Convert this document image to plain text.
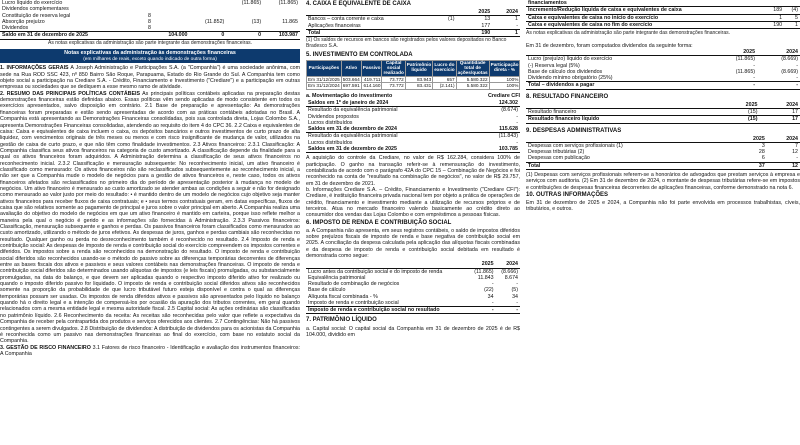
Lucro líquido do exercício				(11.865)	(11.865)
Dividendos complementares					
Constituição de reserva legal	8				
Absorção prejuízo	8		(11.852)	(13)	11.865
Dividendos	8				
Saldo em 31 de dezembro de 2025		104.000	0	0	103.987
As notas explicativas da administração são parte integrante das demonstrações financeiras.
Notas explicativas da administração às demonstrações financeiras
(em milhares de reais, exceto quando indicado de outra forma)
1. INFORMAÇÕES GERAIS A Joseph Administração e Participações S.A. (a "Companhia") é uma sociedade anônima, com sede na Rua ROD SSC 423, nº 850 Bairro São Roque, Parapuama, Estado do Rio Grande do Sul. A Companhia tem como objeto social a participação na Crediare S.A. - Crédito, Financiamento e Investimento ("Crediare") e a participação em outras empresas ou sociedades que se dediquem a esse mesmo ramo de atividade.
2. RESUMO DAS PRINCIPAIS POLÍTICAS CONTÁBEIS As principais políticas contábeis aplicadas na preparação destas demonstrações financeiras estão definidas abaixo. Essas políticas vêm sendo aplicadas de modo consistente em todos os exercícios apresentados, salvo disposição em contrário. 2.1 Base de preparação e apresentação: As demonstrações financeiras foram preparadas e estão sendo apresentadas de acordo com as práticas contábeis adotadas no Brasil. A Companhia está apresentando as Demonstrações Financeiras consolidadas, pois sua controlada direta, Lojas Colombo S.A., apresenta Demonstrações Financeiras consolidadas, atendendo ao requisito do item 4 do CPC 36. 2.2 Caixa e equivalentes de caixa: Caixa e equivalentes de caixa incluem o caixa, os depósitos bancários e outros investimentos de curto prazo de alta liquidez, com vencimentos originais de três meses ou menos e com risco insignificante de mudança de valor, utilizados na gestão de caixa de curto prazo, e que não têm como finalidade investimentos. 2.3 Ativos financeiros: 2.3.1 Classificação: A Companhia classifica seus ativos financeiros na categoria de custo amortizado. A classificação depende da finalidade para a qual os ativos financeiros foram adquiridos. A Administração determina a classificação de seus ativos financeiros no reconhecimento inicial. 2.3.2 Classificação e mensuração subsequente: No reconhecimento inicial, um ativo financeiro é classificado como mensurado: Os ativos financeiros não são reclassificados subsequentemente ao reconhecimento inicial, a não ser que a Companhia mude o modelo de negócios para a gestão de ativos financeiros e, neste caso, todos os ativos financeiros afetados são reclassificados no primeiro dia do período de apresentação posterior à mudança no modelo de negócios. Um ativo financeiro é mensurado ao custo amortizado se atender ambas as condições a seguir e não for designado como mensurado ao valor justo por meio do resultado: • é mantido dentro de um modelo de negócios cujo objetivo seja manter ativos financeiros para receber fluxos de caixa contratuais; e • seus termos contratuais geram, em datas específicas, fluxos de caixa que são relativos somente ao pagamento de principal e juros sobre o valor principal em aberto. A Companhia realiza uma avaliação do objetivo do modelo de negócios em que um ativo financeiro é mantido em carteira, porque isso reflete melhor a maneira pela qual o negócio é gerido e as informações são fornecidas à Administração. 2.3.3 Passivos financeiros: Classificação, mensuração subsequente e ganhos e perdas. Os passivos financeiros foram classificados como mensurados ao custo amortizado, utilizando o método de juros efetivos. As despesas de juros, ganhos e perdas cambiais são reconhecidas no resultado. Qualquer ganho ou perda no desreconhecimento também é reconhecido no resultado. 2.4 Imposto de renda e contribuição social: As despesas de imposto de renda e contribuição social do exercício compreendem os impostos correntes e diferidos. Os impostos sobre a renda são reconhecidos na demonstração do resultado. O imposto de renda e contribuição social diferidos são reconhecidos usando-se o método do passivo sobre as diferenças temporárias decorrentes de diferenças entre as bases fiscais dos ativos e passivos e seus valores contábeis nas demonstrações financeiras. O imposto de renda e contribuição social diferidos são determinados usando alíquotas de impostos (e leis fiscais) promulgadas, ou substancialmente promulgadas, na data do balanço, e que devem ser aplicadas quando o respectivo imposto diferido ativo for realizado ou quando o imposto diferido passivo for liquidado. O imposto de renda e contribuição social diferidos ativos são reconhecidos somente na proporção da probabilidade de que lucro tributável futuro esteja disponível e contra o qual as diferenças temporárias possam ser usadas. Os impostos de renda diferidos ativos e passivos são apresentados pelo líquido no balanço quando há o direito legal e a intenção de compensá-los por ocasião da apuração dos tributos correntes, em geral quando relacionados com a mesma entidade legal e mesma autoridade fiscal. 2.5 Capital social: As ações ordinárias são classificadas no patrimônio líquido. 2.6 Reconhecimento da receita: As receitas são reconhecidas pelo valor que reflete a expectativa da Companhia de receber pela contrapartida dos produtos e serviços oferecidos aos clientes. 2.7 Contingências: Não há passivos contingentes a serem divulgados. 2.8 Distribuição de dividendos: A distribuição de dividendos para os acionistas da Companhia é reconhecida como um passivo nas demonstrações financeiras ao final do exercício, com base no estatuto social da Companhia.
3. GESTÃO DE RISCO FINANCEIRO 3.1 Fatores de risco financeiro - Identificação e avaliação dos instrumentos financeiros: A Companhia
4. CAIXA E EQUIVALENTE DE CAIXA
		2025	2024
Bancos – conta corrente e caixa	(1)	13	1
Aplicações financeiras		177	-
Total		190	1
(1) Os saldos de recursos em bancos são registrados pelos valores depositados no Banco Bradesco S.A.
5. INVESTIMENTO EM CONTROLADA
Participações	Ativo	Passivo	Capital social realizado	Patrimônio líquido	Lucro do exercício	Quantidade total de ações/quotas	Participação direta - %		
Em 31/12/2025	503.664	419.711	73.772	83.943	657	5.580.322	100%		
Em 31/12/2024	697.591	614.160	73.772	83.431	(2.141)	5.580.322	100%		
a. Movimentação do investimento	Crediare CFI
Saldos em 1º de janeiro de 2024	124.302
Resultado da equivalência patrimonial	(8.674)
Dividendos propostos	-
Lucros distribuídos	-
Saldos em 31 de dezembro de 2024	115.628
Resultado da equivalência patrimonial	(11.843)
Lucros distribuídos	-
Saldos em 31 de dezembro de 2025	103.785
A aquisição do controle da Crediare, no valor de R$ 162.284, considera 100% de participação. O ganho na transação referir-se à remensuração do investimento, contabilizada de acordo com o parágrafo 42A do CPC 15 – Combinação de Negócios e foi reconhecido na conta de "resultado na combinação de negócios", no valor de R$ 29.757, em 31 de dezembro de 2021.
b. Informações Crediare S.A. – Crédito, Financiamento e Investimento ("Crediare CFI"): Crediare, é instituição financeira privada nacional tem por objeto a prática de operações de crédito, financiamento e investimento mediante a utilização de recursos próprios e de terceiros. Atua no mercado financeiro valendo basicamente ao crédito direto ao consumidor dos vendas das Lojas Colombo e com empréstimos a pessoas físicas.
6. IMPOSTO DE RENDA E CONTRIBUIÇÃO SOCIAL
a. A Companhia não apresenta, em seus registros contábeis, o saldo de impostos diferidos sobre prejuízos fiscais de imposto de renda e base negativa de contribuição social em 2025. A conciliação da despesa calculada pela aplicação das alíquotas fiscais combinadas e da despesa de imposto de renda e contribuição social debitada em resultado é demonstrada como segue:
	2025	2024
Lucro antes da contribuição social e do imposto de renda	(11.865)	(8.666)
Equivalência patrimonial	11.843	8.674
Resultado de combinação de negócios	-	-
Base de cálculo	(22)	(5)
Alíquota fiscal combinada - %	34	34
Imposto de renda e contribuição social	-	-
Imposto de renda e contribuição social no resultado	-	-
7. PATRIMÔNIO LÍQUIDO
a. Capital social: O capital social da Companhia em 31 de dezembro de 2025 é de R$ 104.000, dividido em
financiamentos		
Incremento/Redução líquida de caixa e equivalentes de caixa	189	(4)
Caixa e equivalentes de caixa no início do exercício	1	5
Caixa e equivalentes de caixa no fim do exercício	190	1
As notas explicativas da administração são parte integrante das demonstrações financeiras.
Em 31 de dezembro, foram computados dividendos da seguinte forma:
	2025	2024
Lucro (prejuízo) líquido do exercício	(11.865)	(8.669)
(-) Reserva legal (5%)	-	-
Base de cálculo dos dividendos	(11.865)	(8.669)
Dividendo mínimo obrigatório (25%)	-	-
Total – dividendos a pagar	-	-
8. RESULTADO FINANCEIRO
	2025	2024
Resultado financeiro	(15)	17
Resultado financeiro líquido	(15)	17
9. DESPESAS ADMINISTRATIVAS
	2025	2024
Despesas com serviços profissionais (1)	3	7
Despesas tributárias (2)	28	12
Despesas com publicação	6	-
Total	37	12
(1) Despesas com serviços profissionais referem-se a honorários de advogados que prestam serviços à empresa e serviços com auditoria. (2) Em 31 de dezembro de 2024, o montante de despesas tributárias refere-se em impostos e contribuições de despesas financeiras decorrentes de aplicações financeiras, conforme demonstrado na nota 6.
10. OUTRAS INFORMAÇÕES
Em 31 de dezembro de 2025 e 2024, a Companhia não foi parte envolvida em processos trabalhistas, cíveis, tributários, e outros.
